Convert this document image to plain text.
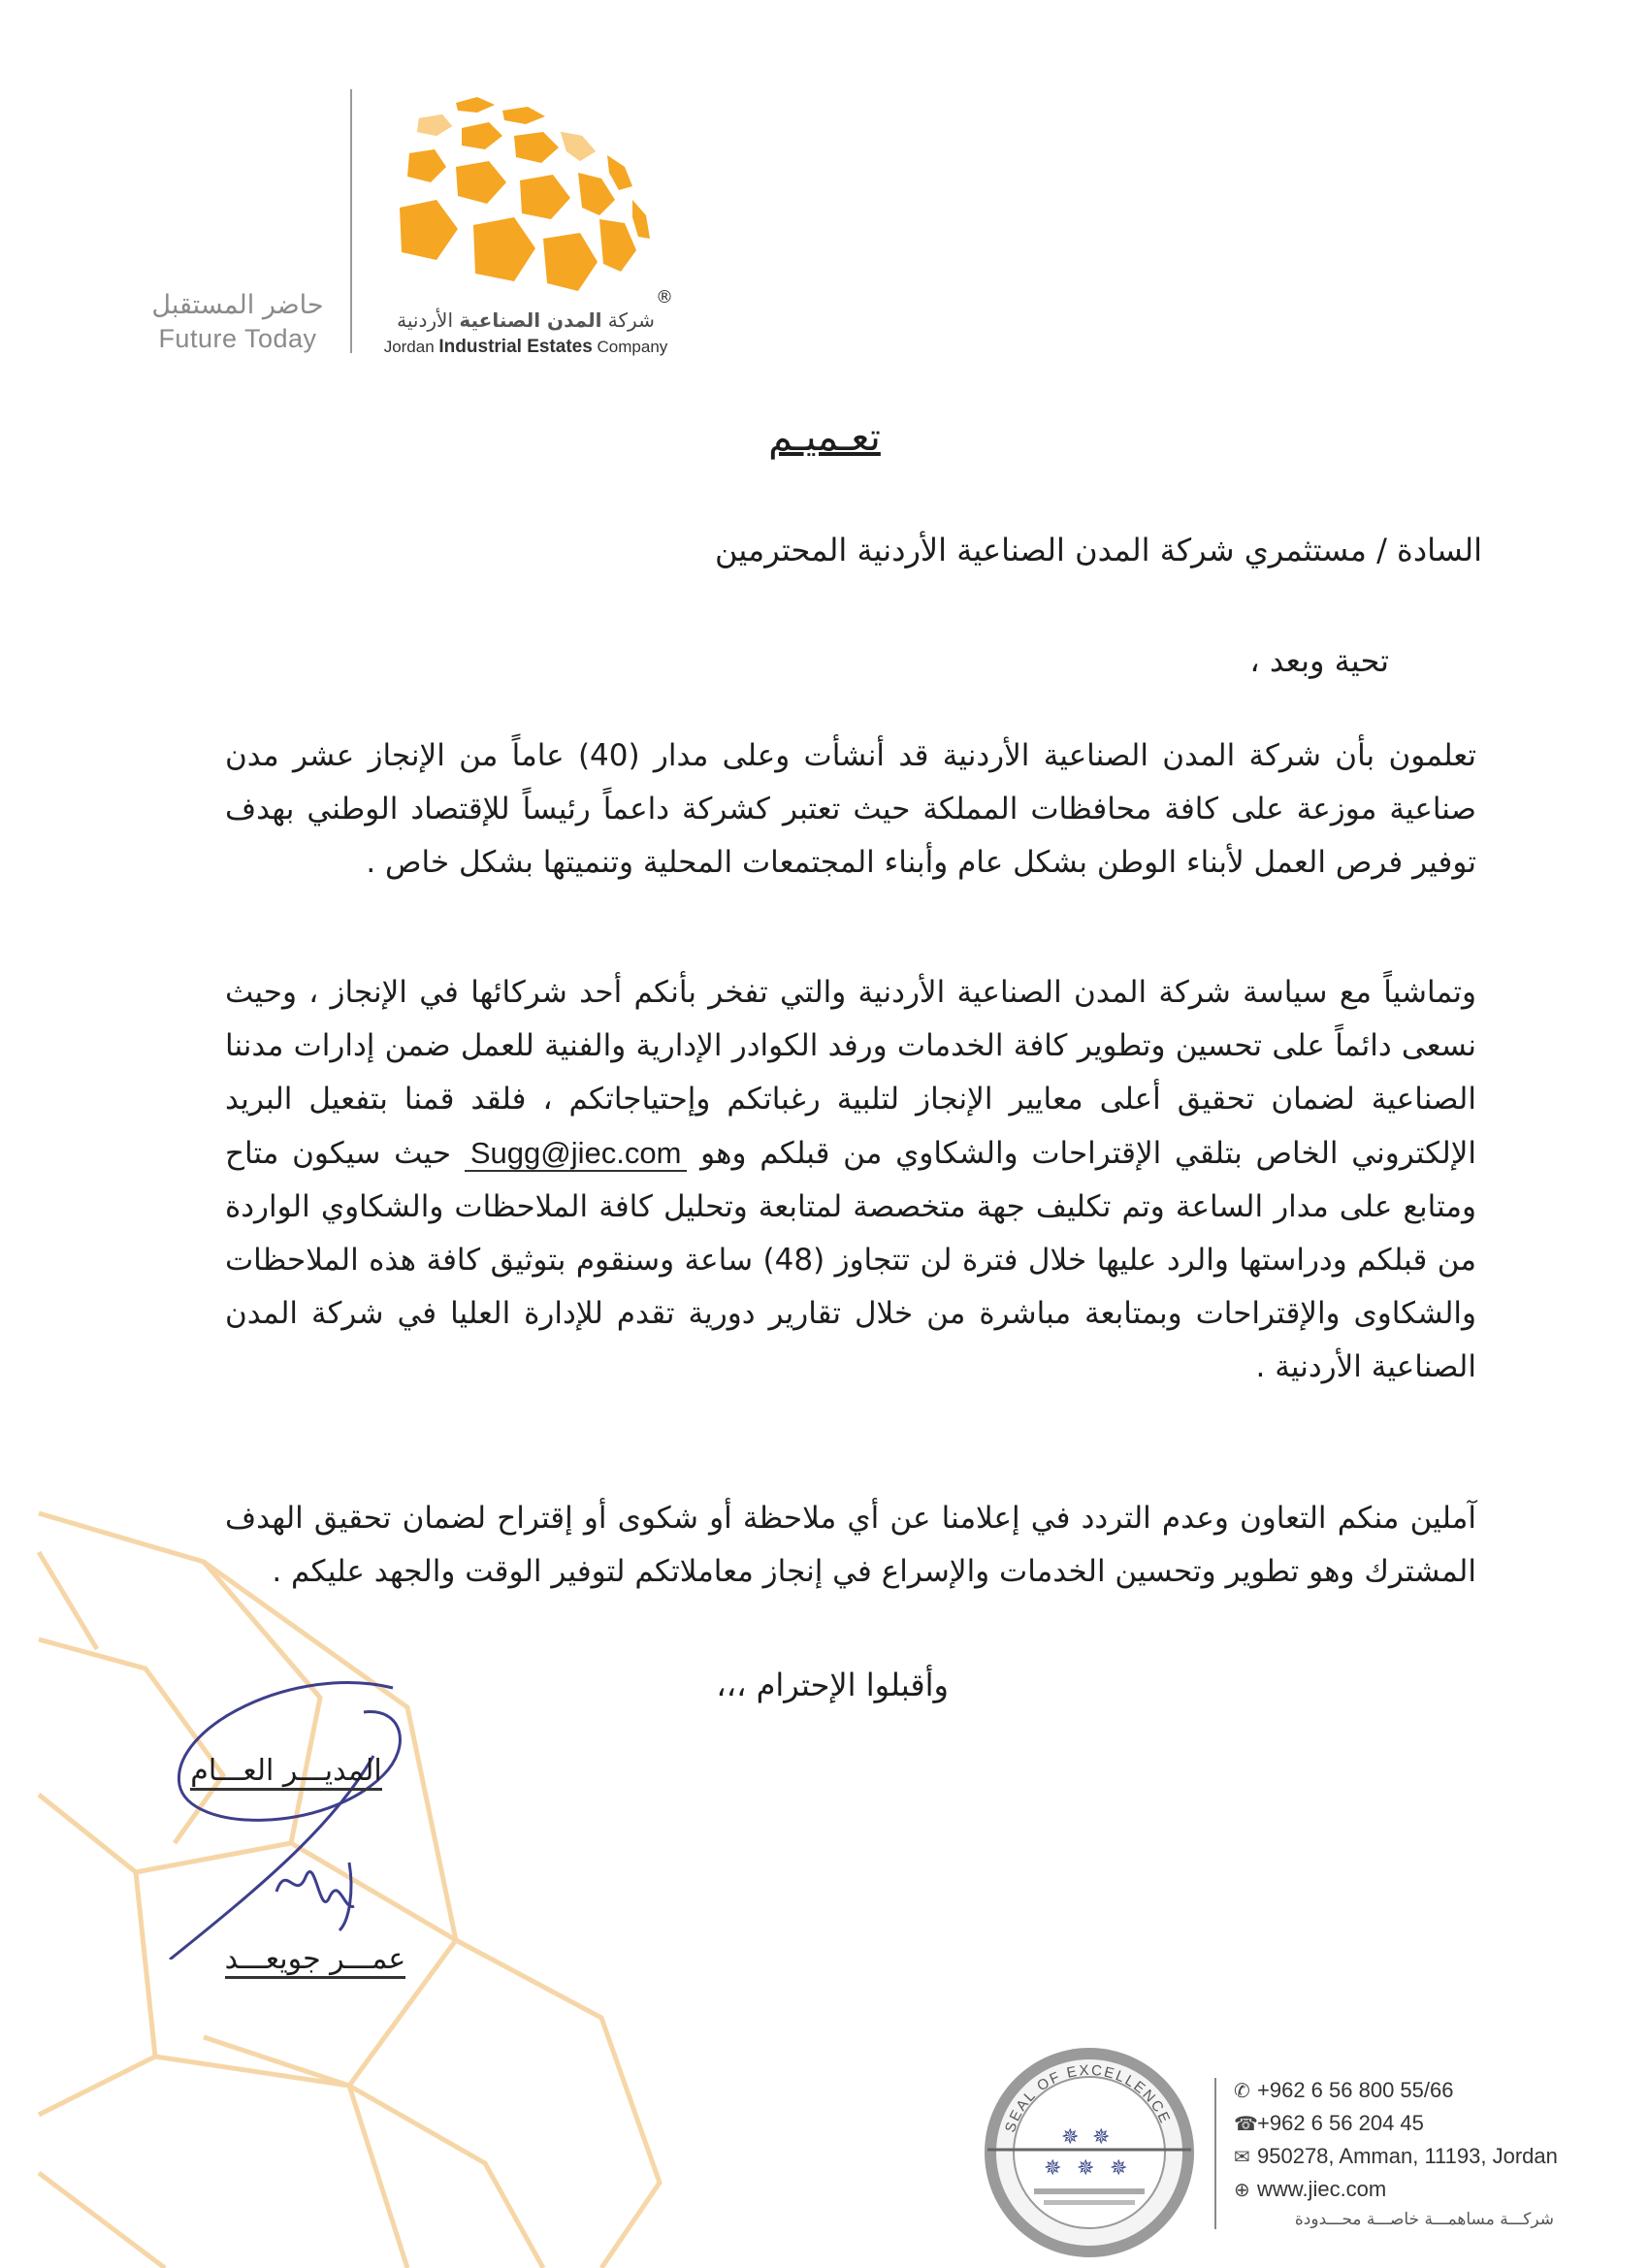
حاضر المستقبل
Future Today
®
شركة المدن الصناعية الأردنية
Jordan Industrial Estates Company
تعـميـم
السادة / مستثمري شركة المدن الصناعية الأردنية المحترمين
تحية وبعد ،
تعلمون بأن شركة المدن الصناعية الأردنية قد أنشأت وعلى مدار (40) عاماً من الإنجاز عشر مدن صناعية موزعة على كافة محافظات المملكة حيث تعتبر كشركة داعماً رئيساً للإقتصاد الوطني بهدف توفير فرص العمل لأبناء الوطن بشكل عام وأبناء المجتمعات المحلية وتنميتها بشكل خاص .
وتماشياً مع سياسة شركة المدن الصناعية الأردنية والتي تفخر بأنكم أحد شركائها في الإنجاز ، وحيث نسعى دائماً على تحسين وتطوير كافة الخدمات ورفد الكوادر الإدارية والفنية للعمل ضمن إدارات مدننا الصناعية لضمان تحقيق أعلى معايير الإنجاز لتلبية رغباتكم وإحتياجاتكم ، فلقد قمنا بتفعيل البريد الإلكتروني الخاص بتلقي الإقتراحات والشكاوي من قبلكم وهو Sugg@jiec.com حيث سيكون متاح ومتابع على مدار الساعة وتم تكليف جهة متخصصة لمتابعة وتحليل كافة الملاحظات والشكاوي الواردة من قبلكم ودراستها والرد عليها خلال فترة لن تتجاوز (48) ساعة وسنقوم بتوثيق كافة هذه الملاحظات والشكاوى والإقتراحات وبمتابعة مباشرة من خلال تقارير دورية تقدم للإدارة العليا في شركة المدن الصناعية الأردنية .
آملين منكم التعاون وعدم التردد في إعلامنا عن أي ملاحظة أو شكوى أو إقتراح لضمان تحقيق الهدف المشترك وهو تطوير وتحسين الخدمات والإسراع في إنجاز معاملاتكم لتوفير الوقت والجهد عليكم .
وأقبلوا الإحترام ،،،
المديـــر العـــام
عمـــر جويعـــد
SEAL OF EXCELLENCE
✵ ✵
✵ ✵ ✵
✆ +962 6 56 800 55/66
☎+962 6 56 204 45
✉ 950278, Amman, 11193, Jordan
⊕ www.jiec.com
شركـــة مساهمـــة خاصـــة محـــدودة
